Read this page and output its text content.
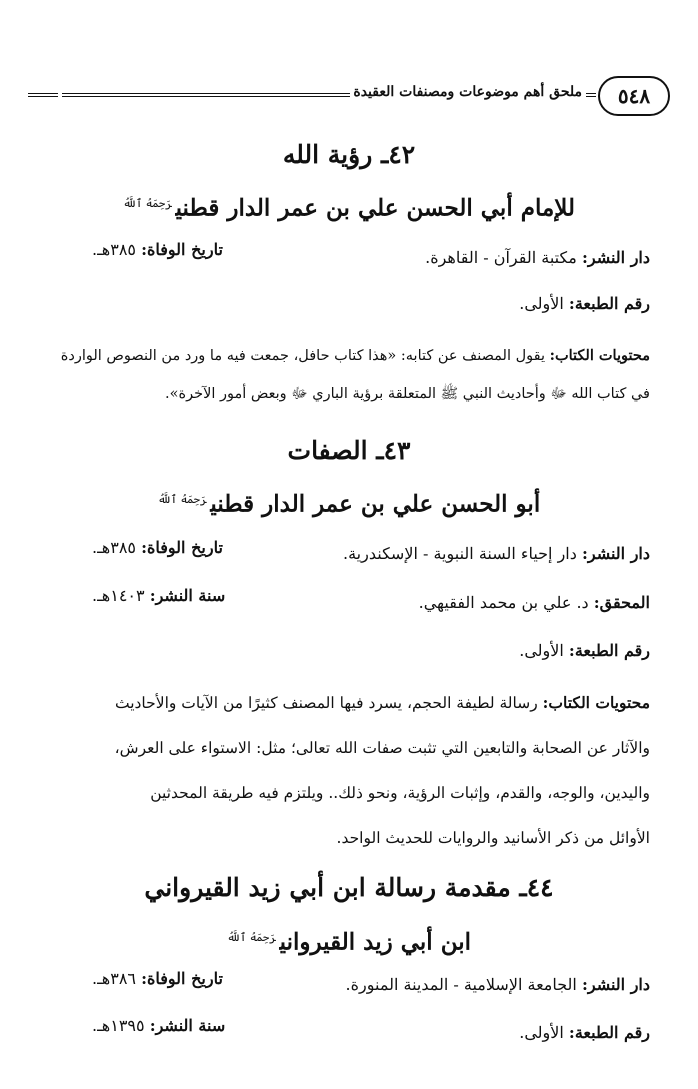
٥٤٨
ملحق أهم موضوعات ومصنفات العقيدة
٤٢ـ رؤية الله
للإمام أبي الحسن علي بن عمر الدار قطني$^{رَحِمَهُ ٱللَّهُ}$
دار النشر: مكتبة القرآن - القاهرة.
تاريخ الوفاة: ٣٨٥هـ.
رقم الطبعة: الأولى.
محتويات الكتاب: يقول المصنف عن كتابه: «هذا كتاب حافل، جمعت فيه ما ورد من النصوص الواردة
في كتاب الله ﷻ وأحاديث النبي ﷺ المتعلقة برؤية الباري ﷻ وبعض أمور الآخرة».
٤٣ـ الصفات
أبو الحسن علي بن عمر الدار قطني$^{رَحِمَهُ ٱللَّهُ}$
دار النشر: دار إحياء السنة النبوية - الإسكندرية.
تاريخ الوفاة: ٣٨٥هـ.
المحقق: د. علي بن محمد الفقيهي.
سنة النشر: ١٤٠٣هـ.
رقم الطبعة: الأولى.
محتويات الكتاب: رسالة لطيفة الحجم، يسرد فيها المصنف كثيرًا من الآيات والأحاديث
والآثار عن الصحابة والتابعين التي تثبت صفات الله تعالى؛ مثل: الاستواء على العرش،
واليدين، والوجه، والقدم، وإثبات الرؤية، ونحو ذلك.. ويلتزم فيه طريقة المحدثين
الأوائل من ذكر الأسانيد والروايات للحديث الواحد.
٤٤ـ مقدمة رسالة ابن أبي زيد القيرواني
ابن أبي زيد القيرواني$^{رَحِمَهُ ٱللَّهُ}$
دار النشر: الجامعة الإسلامية - المدينة المنورة.
تاريخ الوفاة: ٣٨٦هـ.
رقم الطبعة: الأولى.
سنة النشر: ١٣٩٥هـ.
